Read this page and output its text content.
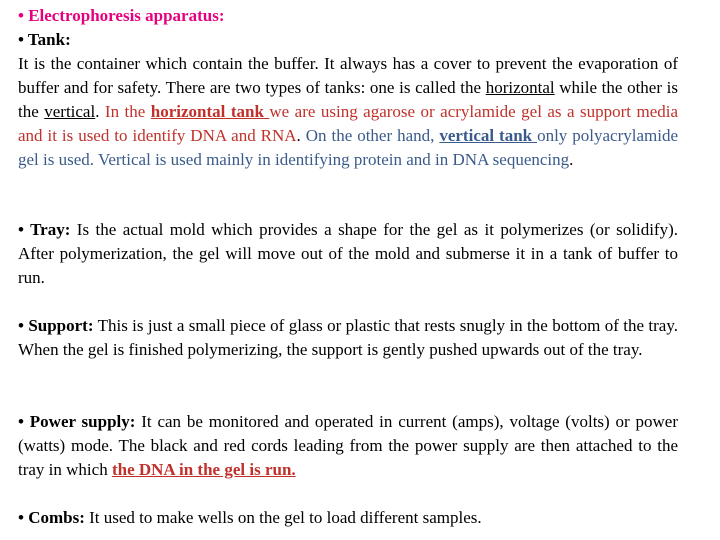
• Electrophoresis apparatus:
• Tank:
It is the container which contain the buffer. It always has a cover to prevent the evaporation of buffer and for safety. There are two types of tanks: one is called the horizontal while the other is the vertical. In the horizontal tank we are using agarose or acrylamide gel as a support media and it is used to identify DNA and RNA. On the other hand, vertical tank only polyacrylamide gel is used. Vertical is used mainly in identifying protein and in DNA sequencing.

• Tray: Is the actual mold which provides a shape for the gel as it polymerizes (or solidify). After polymerization, the gel will move out of the mold and submerse it in a tank of buffer to run.

• Support: This is just a small piece of glass or plastic that rests snugly in the bottom of the tray. When the gel is finished polymerizing, the support is gently pushed upwards out of the tray.

• Power supply: It can be monitored and operated in current (amps), voltage (volts) or power (watts) mode. The black and red cords leading from the power supply are then attached to the tray in which the DNA in the gel is run.

• Combs: It used to make wells on the gel to load different samples.
